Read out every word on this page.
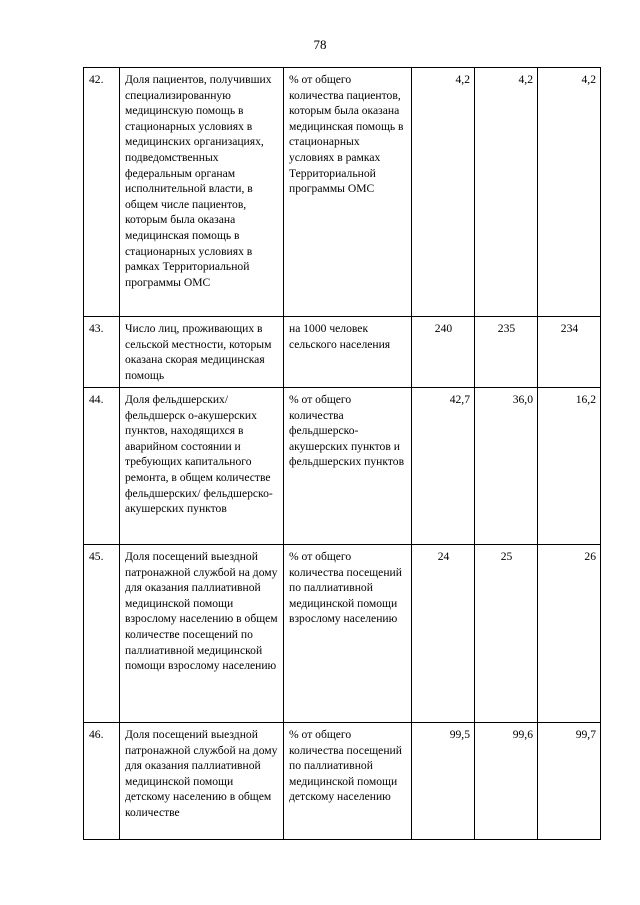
78
42.	Доля пациентов, получивших специализированную медицинскую помощь в стационарных условиях в медицинских организациях, подведомственных федеральным органам исполнительной власти, в общем числе пациентов, которым была оказана медицинская помощь в стационарных условиях в рамках Территориальной программы ОМС	% от общего количества пациентов, которым была оказана медицинская помощь в стационарных условиях в рамках Территориальной программы ОМС	4,2	4,2	4,2
43.	Число лиц, проживающих в сельской местности, которым оказана скорая медицинская помощь	на 1000 человек сельского населения	240	235	234
44.	Доля фельдшерских/фельдшерск о-акушерских пунктов, находящихся в аварийном состоянии и требующих капитального ремонта, в общем количестве фельдшерских/ фельдшерско-акушерских пунктов	% от общего количества фельдшерско-акушерских пунктов и фельдшерских пунктов	42,7	36,0	16,2
45.	Доля посещений выездной патронажной службой на дому для оказания паллиативной медицинской помощи взрослому населению в общем количестве посещений по паллиативной медицинской помощи взрослому населению	% от общего количества посещений по паллиативной медицинской помощи взрослому населению	24	25	26
46.	Доля посещений выездной патронажной службой на дому для оказания паллиативной медицинской помощи детскому населению в общем количестве	% от общего количества посещений по паллиативной медицинской помощи детскому населению	99,5	99,6	99,7
